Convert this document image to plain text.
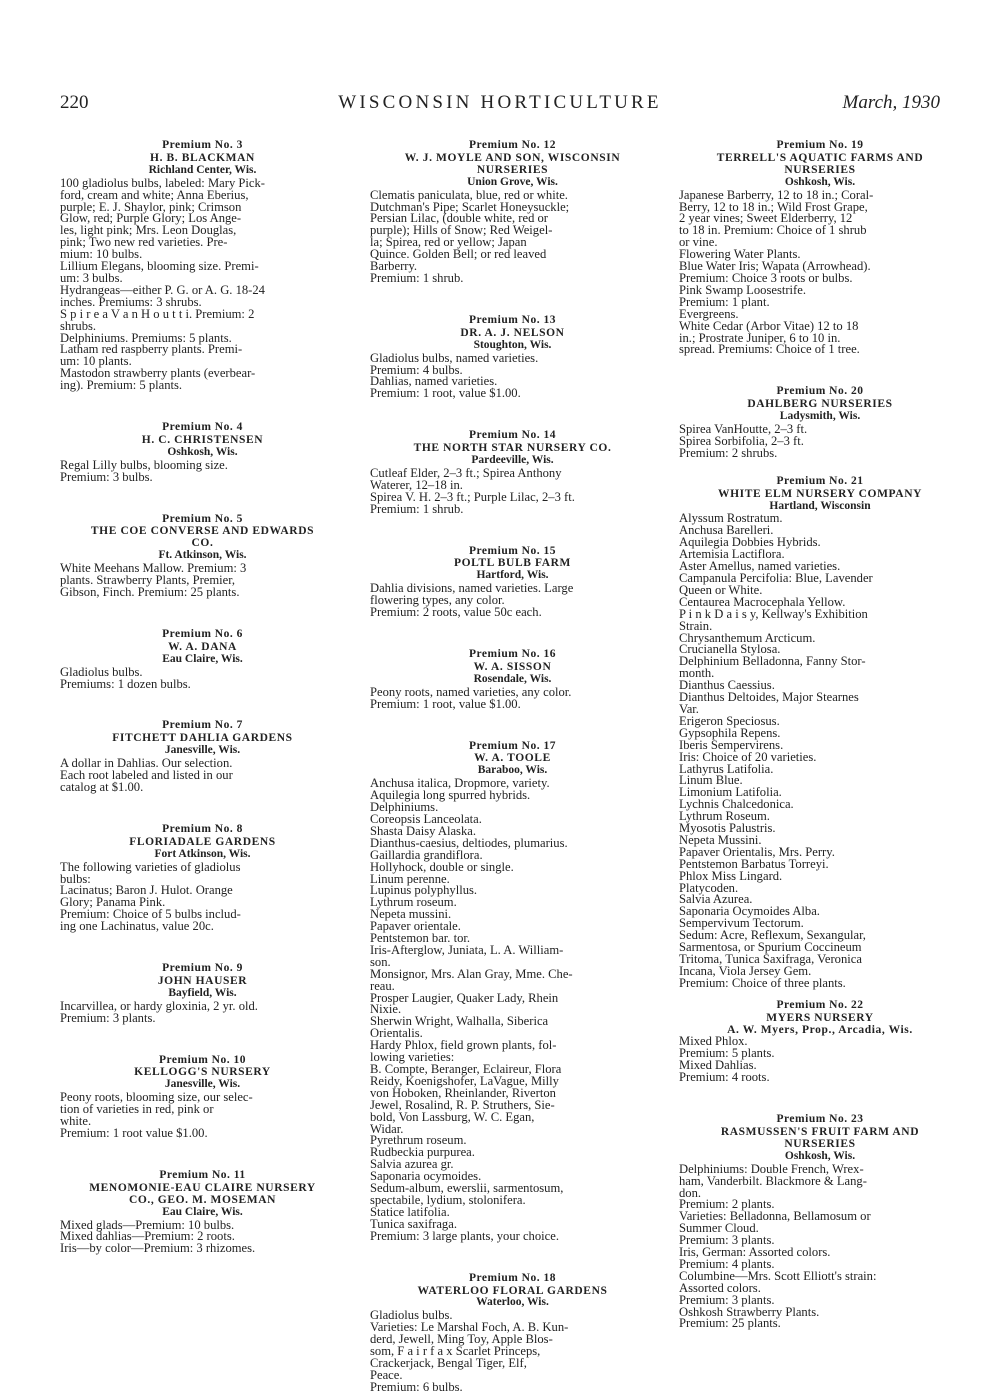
220	WISCONSIN HORTICULTURE	March, 1930
Premium No. 3
H. B. BLACKMAN
Richland Center, Wis.
100 gladiolus bulbs, labeled: Mary Pick-
ford, cream and white; Anna Eberius,
purple; E. J. Shaylor, pink; Crimson
Glow, red; Purple Glory; Los Ange-
les, light pink; Mrs. Leon Douglas,
pink; Two new red varieties. Pre-
mium: 10 bulbs.
Lillium Elegans, blooming size. Premi-
um: 3 bulbs.
Hydrangeas—either P. G. or A. G. 18-24
inches. Premiums: 3 shrubs.
S p i r e a V a n H o u t t i. Premium: 2
shrubs.
Delphiniums. Premiums: 5 plants.
Latham red raspberry plants. Premi-
um: 10 plants.
Mastodon strawberry plants (everbear-
ing). Premium: 5 plants.
Premium No. 4
H. C. CHRISTENSEN
Oshkosh, Wis.
Regal Lilly bulbs, blooming size.
Premium: 3 bulbs.
Premium No. 5
THE COE CONVERSE AND EDWARDS
CO.
Ft. Atkinson, Wis.
White Meehans Mallow. Premium: 3
plants. Strawberry Plants, Premier,
Gibson, Finch. Premium: 25 plants.
Premium No. 6
W. A. DANA
Eau Claire, Wis.
Gladiolus bulbs.
Premiums: 1 dozen bulbs.
Premium No. 7
FITCHETT DAHLIA GARDENS
Janesville, Wis.
A dollar in Dahlias. Our selection.
Each root labeled and listed in our
catalog at $1.00.
Premium No. 8
FLORIADALE GARDENS
Fort Atkinson, Wis.
The following varieties of gladiolus
bulbs:
Lacinatus; Baron J. Hulot. Orange
Glory; Panama Pink.
Premium: Choice of 5 bulbs includ-
ing one Lachinatus, value 20c.
Premium No. 9
JOHN HAUSER
Bayfield, Wis.
Incarvillea, or hardy gloxinia, 2 yr. old.
Premium: 3 plants.
Premium No. 10
KELLOGG'S NURSERY
Janesville, Wis.
Peony roots, blooming size, our selec-
tion of varieties in red, pink or
white.
Premium: 1 root value $1.00.
Premium No. 11
MENOMONIE-EAU CLAIRE NURSERY
CO., GEO. M. MOSEMAN
Eau Claire, Wis.
Mixed glads—Premium: 10 bulbs.
Mixed dahlias—Premium: 2 roots.
Iris—by color—Premium: 3 rhizomes.
Premium No. 12
W. J. MOYLE AND SON, WISCONSIN
NURSERIES
Union Grove, Wis.
Clematis paniculata, blue, red or white.
Dutchman's Pipe; Scarlet Honeysuckle;
Persian Lilac, (double white, red or
purple); Hills of Snow; Red Weigel-
la; Spirea, red or yellow; Japan
Quince. Golden Bell; or red leaved
Barberry.
Premium: 1 shrub.
Premium No. 13
DR. A. J. NELSON
Stoughton, Wis.
Gladiolus bulbs, named varieties.
Premium: 4 bulbs.
Dahlias, named varieties.
Premium: 1 root, value $1.00.
Premium No. 14
THE NORTH STAR NURSERY CO.
Pardeeville, Wis.
Cutleaf Elder, 2–3 ft.; Spirea Anthony
Waterer, 12–18 in.
Spirea V. H. 2–3 ft.; Purple Lilac, 2–3 ft.
Premium: 1 shrub.
Premium No. 15
POLTL BULB FARM
Hartford, Wis.
Dahlia divisions, named varieties. Large
flowering types, any color.
Premium: 2 roots, value 50c each.
Premium No. 16
W. A. SISSON
Rosendale, Wis.
Peony roots, named varieties, any color.
Premium: 1 root, value $1.00.
Premium No. 17
W. A. TOOLE
Baraboo, Wis.
Anchusa italica, Dropmore, variety.
Aquilegia long spurred hybrids.
Delphiniums.
Coreopsis Lanceolata.
Shasta Daisy Alaska.
Dianthus-caesius, deltiodes, plumarius.
Gaillardia grandiflora.
Hollyhock, double or single.
Linum perenne.
Lupinus polyphyllus.
Lythrum roseum.
Nepeta mussini.
Papaver orientale.
Pentstemon bar. tor.
Iris-Afterglow, Juniata, L. A. William-
son.
Monsignor, Mrs. Alan Gray, Mme. Che-
reau.
Prosper Laugier, Quaker Lady, Rhein
Nixie.
Sherwin Wright, Walhalla, Siberica
Orientalis.
Hardy Phlox, field grown plants, fol-
lowing varieties:
B. Compte, Beranger, Eclaireur, Flora
Reidy, Koenigshofer, LaVague, Milly
von Hoboken, Rheinlander, Riverton
Jewel, Rosalind, R. P. Struthers, Sie-
bold, Von Lassburg, W. C. Egan,
Widar.
Pyrethrum roseum.
Rudbeckia purpurea.
Salvia azurea gr.
Saponaria ocymoides.
Sedum-album, ewerslii, sarmentosum,
spectabile, lydium, stolonifera.
Statice latifolia.
Tunica saxifraga.
Premium: 3 large plants, your choice.
Premium No. 18
WATERLOO FLORAL GARDENS
Waterloo, Wis.
Gladiolus bulbs.
Varieties: Le Marshal Foch, A. B. Kun-
derd, Jewell, Ming Toy, Apple Blos-
som, F a i r f a x Scarlet Princeps,
Crackerjack, Bengal Tiger, Elf,
Peace.
Premium: 6 bulbs.
Premium No. 19
TERRELL'S AQUATIC FARMS AND
NURSERIES
Oshkosh, Wis.
Japanese Barberry, 12 to 18 in.; Coral-
Berry, 12 to 18 in.; Wild Frost Grape,
2 year vines; Sweet Elderberry, 12
to 18 in. Premium: Choice of 1 shrub
or vine.
Flowering Water Plants.
Blue Water Iris; Wapata (Arrowhead).
Premium: Choice 3 roots or bulbs.
Pink Swamp Loosestrife.
Premium: 1 plant.
Evergreens.
White Cedar (Arbor Vitae) 12 to 18
in.; Prostrate Juniper, 6 to 10 in.
spread. Premiums: Choice of 1 tree.
Premium No. 20
DAHLBERG NURSERIES
Ladysmith, Wis.
Spirea VanHoutte, 2–3 ft.
Spirea Sorbifolia, 2–3 ft.
Premium: 2 shrubs.
Premium No. 21
WHITE ELM NURSERY COMPANY
Hartland, Wisconsin
Alyssum Rostratum.
Anchusa Barelleri.
Aquilegia Dobbies Hybrids.
Artemisia Lactiflora.
Aster Amellus, named varieties.
Campanula Percifolia: Blue, Lavender
Queen or White.
Centaurea Macrocephala Yellow.
P i n k D a i s y, Kellway's Exhibition
Strain.
Chrysanthemum Arcticum.
Crucianella Stylosa.
Delphinium Belladonna, Fanny Stor-
month.
Dianthus Caessius.
Dianthus Deltoides, Major Stearnes
Var.
Erigeron Speciosus.
Gypsophila Repens.
Iberis Sempervirens.
Iris: Choice of 20 varieties.
Lathyrus Latifolia.
Linum Blue.
Limonium Latifolia.
Lychnis Chalcedonica.
Lythrum Roseum.
Myosotis Palustris.
Nepeta Mussini.
Papaver Orientalis, Mrs. Perry.
Pentstemon Barbatus Torreyi.
Phlox Miss Lingard.
Platycoden.
Salvia Azurea.
Saponaria Ocymoides Alba.
Sempervivum Tectorum.
Sedum: Acre, Reflexum, Sexangular,
Sarmentosa, or Spurium Coccineum
Tritoma, Tunica Saxifraga, Veronica
Incana, Viola Jersey Gem.
Premium: Choice of three plants.
Premium No. 22
MYERS NURSERY
A. W. Myers, Prop., Arcadia, Wis.
Mixed Phlox.
Premium: 5 plants.
Mixed Dahlias.
Premium: 4 roots.
Premium No. 23
RASMUSSEN'S FRUIT FARM AND
NURSERIES
Oshkosh, Wis.
Delphiniums: Double French, Wrex-
ham, Vanderbilt. Blackmore & Lang-
don.
Premium: 2 plants.
Varieties: Belladonna, Bellamosum or
Summer Cloud.
Premium: 3 plants.
Iris, German: Assorted colors.
Premium: 4 plants.
Columbine—Mrs. Scott Elliott's strain:
Assorted colors.
Premium: 3 plants.
Oshkosh Strawberry Plants.
Premium: 25 plants.
